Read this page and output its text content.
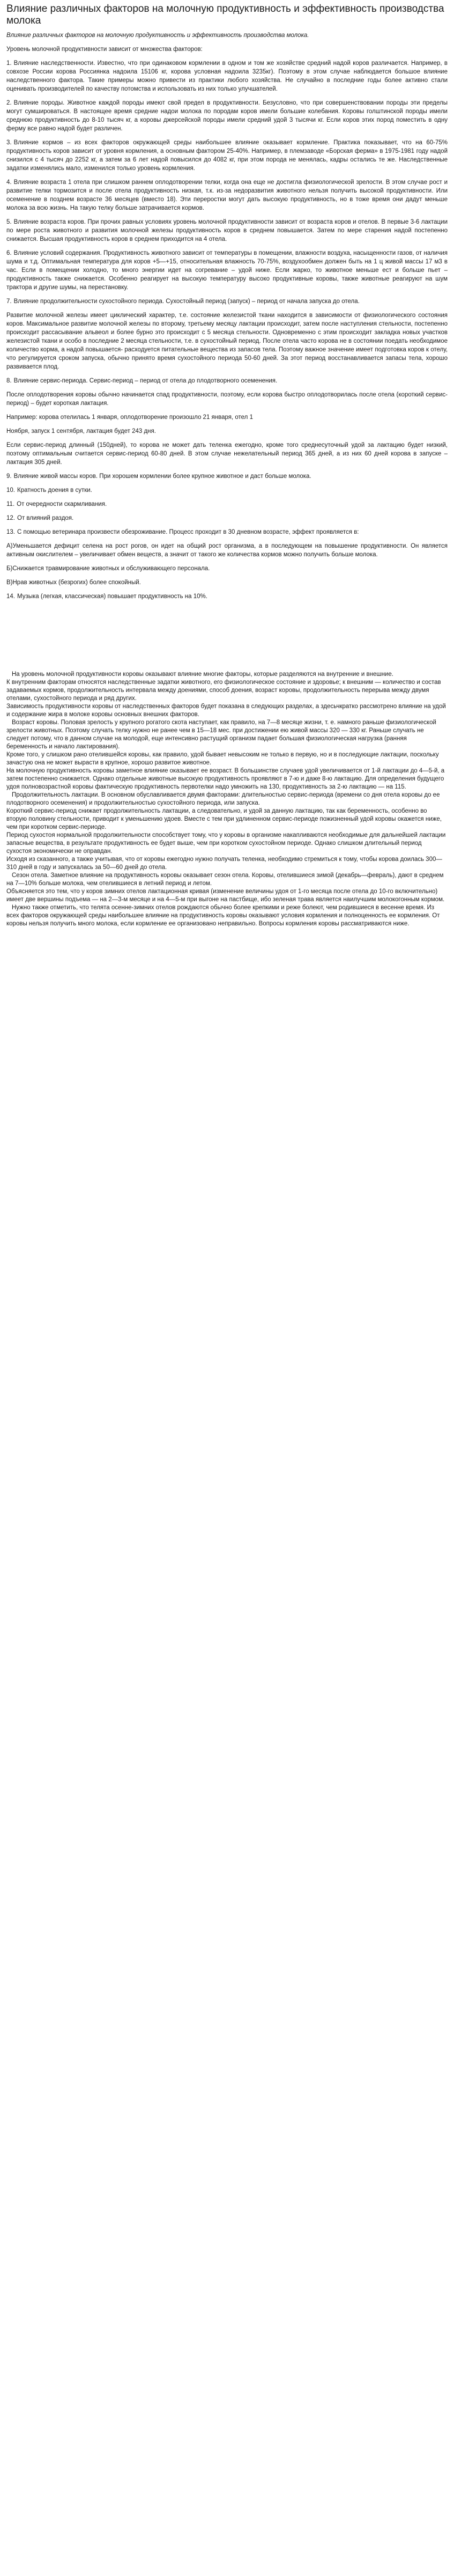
Влияние различных факторов на молочную продуктивность и эффективность производства молока

Влияние различных факторов на молочную продуктивность и эффективность производства молока.

Уровень молочной продуктивности зависит от множества факторов:

1. Влияние наследственности. Известно, что при одинаковом кормлении в одном и том же хозяйстве средний надой коров различается. Например, в совхозе России корова Россиянка надоила 15106 кг, корова условная надоила 3235кг). Поэтому в этом случае наблюдается большое влияние наследственного фактора. Такие примеры можно привести из практики любого хозяйства. Не случайно в последние годы более активно стали оценивать производителей по качеству потомства и использовать из них только улучшателей.

2. Влияние породы. Животное каждой породы имеют свой предел в продуктивности. Безусловно, что при совершенствовании породы эти пределы могут сумшироваться. В настоящее время средние надои молока по породам коров имели большие колебания. Коровы голштинской породы имели среднюю продуктивность до 8-10 тысяч кг, а коровы джерсейской породы имели средний удой 3 тысячи кг. Если коров этих пород поместить в одну ферму все равно надой будет различен.

3. Влияние кормов – из всех факторов окружающей среды наибольшее влияние оказывает кормление. Практика показывает, что на 60-75% продуктивность коров зависит от уровня кормления, а основным фактором 25-40%. Например, в племзаводе «Борская ферма» в 1975-1981 году надой снизился с 4 тысяч до 2252 кг, а затем за 6 лет надой повысился до 4082 кг, при этом порода не менялась, кадры остались те же. Наследственные задатки изменялись мало, изменился только уровень кормления.

4. Влияние возраста 1 отела при слишком раннем оплодотворении телки, когда она еще не достигла физиологической зрелости. В этом случае рост и развитие телки тормозится и после отела продуктивность низкая, т.к. из-за недоразвития животного нельзя получить высокой продуктивности. Или осеменение в позднем возрасте 36 месяцев (вместо 18). Эти переростки могут дать высокую продуктивность, но в тоже время они дадут меньше молока за всю жизнь. На такую телку больше затрачивается кормов.

5. Влияние возраста коров. При прочих равных условиях уровень молочной продуктивности зависит от возраста коров и отелов. В первые 3-6 лактации по мере роста животного и развития молочной железы продуктивность коров в среднем повышается. Затем по мере старения надой постепенно снижается. Высшая продуктивность коров в среднем приходится на 4 отела.

6. Влияние условий содержания. Продуктивность животного зависит от температуры в помещении, влажности воздуха, насыщенности газов, от наличия шума и т.д. Оптимальная температура для коров +5—+15, относительная влажность 70-75%, воздухообмен должен быть на 1 ц живой массы 17 м3 в час. Если в помещении холодно, то много энергии идет на согревание – удой ниже. Если жарко, то животное меньше ест и больше пьет – продуктивность также снижается. Особенно реагирует на высокую температуру высоко продуктивные коровы, также животные реагируют на шум трактора и другие шумы, на перестановку.

7. Влияние продолжительности сухостойного периода. Сухостойный период (запуск) – период от начала запуска до отела.

Развитие молочной железы имеет циклический характер, т.е. состояние железистой ткани находится в зависимости от физиологического состояния коров. Максимальное развитие молочной железы по второму, третьему месяцу лактации происходит, затем после наступления стельности, постепенно происходит рассасывание альвеол и более бурно это происходит с 5 месяца стельности. Одновременно с этим происходит закладка новых участков железистой ткани и особо в последние 2 месяца стельности, т.е. в сухостойный период. После отела часто корова не в состоянии поедать необходимое количество корма, а надой повышается- расходуется питательные вещества из запасов тела. Поэтому важное значение имеет подготовка коров к отелу, что регулируется сроком запуска, обычно принято время сухостойного периода 50-60 дней. За этот период восстанавливается запасы тела, хорошо развивается плод.

8. Влияние сервис-периода. Сервис-период – период от отела до плодотворного осеменения.

После оплодотворения коровы обычно начинается спад продуктивности, поэтому, если корова быстро оплодотворилась после отела (короткий сервис-период) – будет короткая лактация.

Например: корова отелилась 1 января, оплодотворение произошло 21 января, отел 1

Ноября, запуск 1 сентября, лактация будет 243 дня.

Если сервис-период длинный (150дней), то корова не может дать теленка ежегодно, кроме того среднесуточный удой за лактацию будет низкий, поэтому оптимальным считается сервис-период 60-80 дней. В этом случае нежелательный период 365 дней, а из них 60 дней корова в запуске – лактация 305 дней.

9. Влияние живой массы коров. При хорошем кормлении более крупное животное и даст больше молока.

10. Кратность доения в сутки.

11. От очередности скармливания.

12. От влияний раздоя.

13. С помощью ветеринара произвести обезроживание. Процесс проходит в 30 дневном возрасте, эффект проявляется в:

А)Уменьшается дефицит селена на рост рогов, он идет на общий рост организма, а в последующем на повышение продуктивности. Он является активным окислителем – увеличивает обмен веществ, а значит от такого же количества кормов можно получить больше молока.

Б)Снижается травмирование животных и обслуживающего персонала.

В)Нрав животных (безрогих) более спокойный.

14. Музыка (легкая, классическая) повышает продуктивность на 10%.

На уровень молочной продуктивности коровы оказывают влияние многие факторы, которые разделяются на внутренние и внешние.

К внутренним факторам относятся наследственные задатки животного, его физиологическое состояние и здоровье; к внешним — количество и состав задаваемых кормов, продолжительность интервала между доениями, способ доения, возраст коровы, продолжительность перерыва между двумя отелами, сухостойного периода и ряд других.

Зависимость продуктивности коровы от наследственных факторов будет показана в следующих разделах, а здесьчкратко рассмотрено влияние на удой и содержание жира в молоке коровы основных внешних факторов.

Возраст коровы. Половая зрелость у крупного рогатого скота наступает, как правило, на 7—8 месяце жизни, т. е. намного раньше физиологической зрелости животных. Поэтому случать телку нужно не ранее чем в 15—18 мес. при достижении ею живой массы 320 — 330 кг. Раньше случать не следует потому, что в данном случае на молодой, еще интенсивно растущий организм падает большая физиологическая нагрузка (ранняя беременность и начало лактирования).

Кроме того, у слишком рано отелившейся коровы, как правило, удой бывает невысоким не только в первую, но и в последующие лактации, поскольку зачастую она не может вырасти в крупное, хорошо развитое животное.

На молочную продуктивность коровы заметное влияние оказывает ее возраст. В большинстве случаев удой увеличивается от 1-й лактации до 4—5-й, а затем постепенно снижается. Однако отдельные животные высокую продуктивность проявляют в 7-ю и даже 8-ю лактацию. Для определения будущего удоя полновозрастной коровы фактическую продуктивность первотелки надо умножить на 130, продуктивность за 2-ю лактацию — на 115.

Продолжительность лактации. В основном обуславливается двумя факторами: длительностью сервис-периода (времени со дня отела коровы до ее плодотворного осеменения) и продолжительностью сухостойного периода, или запуска.

Короткий сервис-период снижает продолжительность лактации, а следовательно, и удой за данную лактацию, так как беременность, особенно во вторую половину стельности, приводит к уменьшению удоев. Вместе с тем при удлиненном сервис-периоде пожизненный удой коровы окажется ниже, чем при коротком сервис-периоде.

Период сухостоя нормальной продолжительности способствует тому, что у коровы в организме накапливаются необходимые для дальнейшей лактации запасные вещества, в результате продуктивность ее будет выше, чем при коротком сухостойном периоде. Однако слишком длительный период сухостоя экономически не оправдан.

Исходя из сказанного, а также учитывая, что от коровы ежегодно нужно получать теленка, необходимо стремиться к тому, чтобы корова доилась 300—310 дней в году и запускалась за 50—60 дней до отела.

Сезон отела. Заметное влияние на продуктивность коровы оказывает сезон отела. Коровы, отелившиеся зимой (декабрь—февраль), дают в среднем на 7—10% больше молока, чем отелившиеся в летний период и летом.

Объясняется это тем, что у коров зимних отелов лактационная кривая (изменение величины удоя от 1-го месяца после отела до 10-го включительно) имеет две вершины подъема — на 2—3-м месяце и на 4—5-м при выгоне на пастбище, ибо зеленая трава является наилучшим молокогонным кормом.

Нужно также отметить, что телята осенне-зимних отелов рождаются обычно более крепкими и реже болеют, чем родившиеся в весенне время. Из всех факторов окружающей среды наибольшее влияние на продуктивность коровы оказывают условия кормления и полноценность ее кормления. От коровы нельзя получить много молока, если кормление ее организовано неправильно. Вопросы кормления коровы рассматриваются ниже.
